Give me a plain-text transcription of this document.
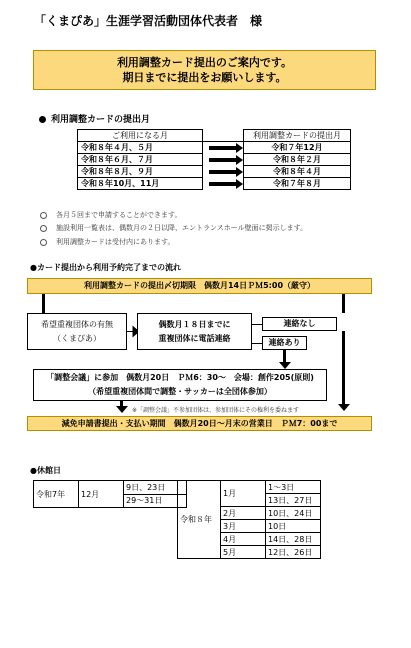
「くまぴあ」生涯学習活動団体代表者　様
利用調整カード提出のご案内です。
期日までに提出をお願いします。
利用調整カードの提出月
ご利用になる月		利用調整カードの提出月
令和８年４月、５月		令和７年12月
令和８年６月、７月		令和８年２月
令和８年８月、９月		令和８年４月
令和８年10月、11月		令和７年８月
各月５回まで申請することができます。
施設利用一覧表は、偶数月の２日以降、エントランスホール壁面に掲示します。
利用調整カードは受付内にあります。
●カード提出から利用予約完了までの流れ
利用調整カードの提出〆切期限　偶数月14日ＰＭ5:00（厳守）
希望重複団体の有無
（くまぴあ）
偶数月１８日までに
重複団体に電話連絡
連絡なし
連絡あり
「調整会議」に参加　偶数月20日　ＰＭ6：30～　会場：創作205(原則)
（希望重複団体間で調整・サッカーは全団体参加）
※「調整会議」不参加団体は、参加団体にその権利を委ねます
減免申請書提出・支払い期間　偶数月20日～月末の営業日　ＰＭ7：00まで
●休館日
令和7年	12月	9日、23日
29～31日
令和８年	1月	1～3日
		13日、27日
	2月	10日、24日
	3月	10日
	4月	14日、28日
	5月	12日、26日
